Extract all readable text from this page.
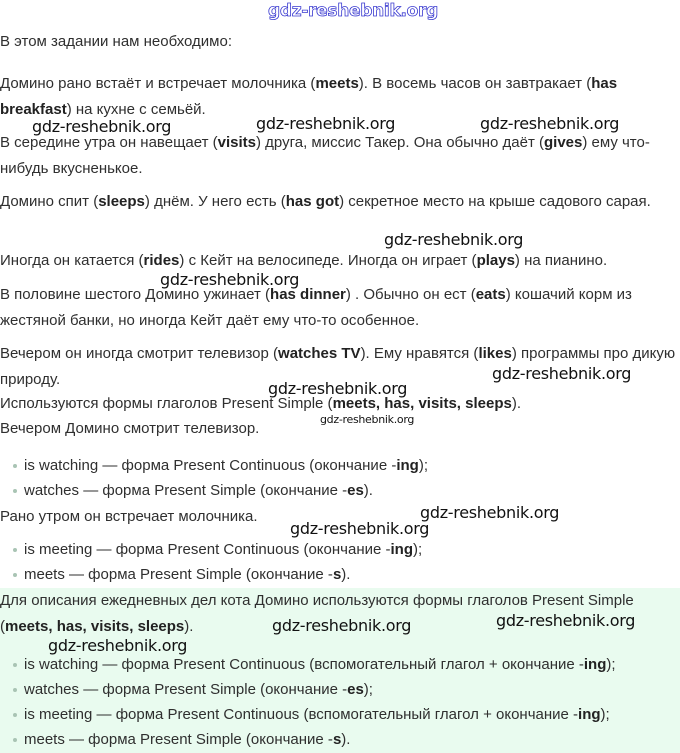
В этом задании нам необходимо:

Домино рано встаёт и встречает молочника (meets). В восемь часов он завтракает (has breakfast) на кухне с семьёй.

В середине утра он навещает (visits) друга, миссис Такер. Она обычно даёт (gives) ему что-нибудь вкусненькое.

Домино спит (sleeps) днём. У него есть (has got) секретное место на крыше садового сарая.

Иногда он катается (rides) с Кейт на велосипеде. Иногда он играет (plays) на пианино.

В половине шестого Домино ужинает (has dinner) . Обычно он ест (eats) кошачий корм из жестяной банки, но иногда Кейт даёт ему что-то особенное.

Вечером он иногда смотрит телевизор (watches TV). Ему нравятся (likes) программы про дикую природу.

Используются формы глаголов Present Simple (meets, has, visits, sleeps).

Вечером Домино смотрит телевизор.

is watching — форма Present Continuous (окончание -ing);
watches — форма Present Simple (окончание -es).

Рано утром он встречает молочника.

is meeting — форма Present Continuous (окончание -ing);
meets — форма Present Simple (окончание -s).

Для описания ежедневных дел кота Домино используются формы глаголов Present Simple (meets, has, visits, sleeps).

is watching — форма Present Continuous (вспомогательный глагол + окончание -ing);
watches — форма Present Simple (окончание -es);
is meeting — форма Present Continuous (вспомогательный глагол + окончание -ing);
meets — форма Present Simple (окончание -s).
gdz-reshebnik.org
gdz-reshebnik.org	gdz-reshebnik.org	gdz-reshebnik.org
gdz-reshebnik.org
gdz-reshebnik.org
gdz-reshebnik.org
gdz-reshebnik.org
gdz-reshebnik.org
gdz-reshebnik.org
gdz-reshebnik.org
gdz-reshebnik.org	gdz-reshebnik.org
gdz-reshebnik.org
